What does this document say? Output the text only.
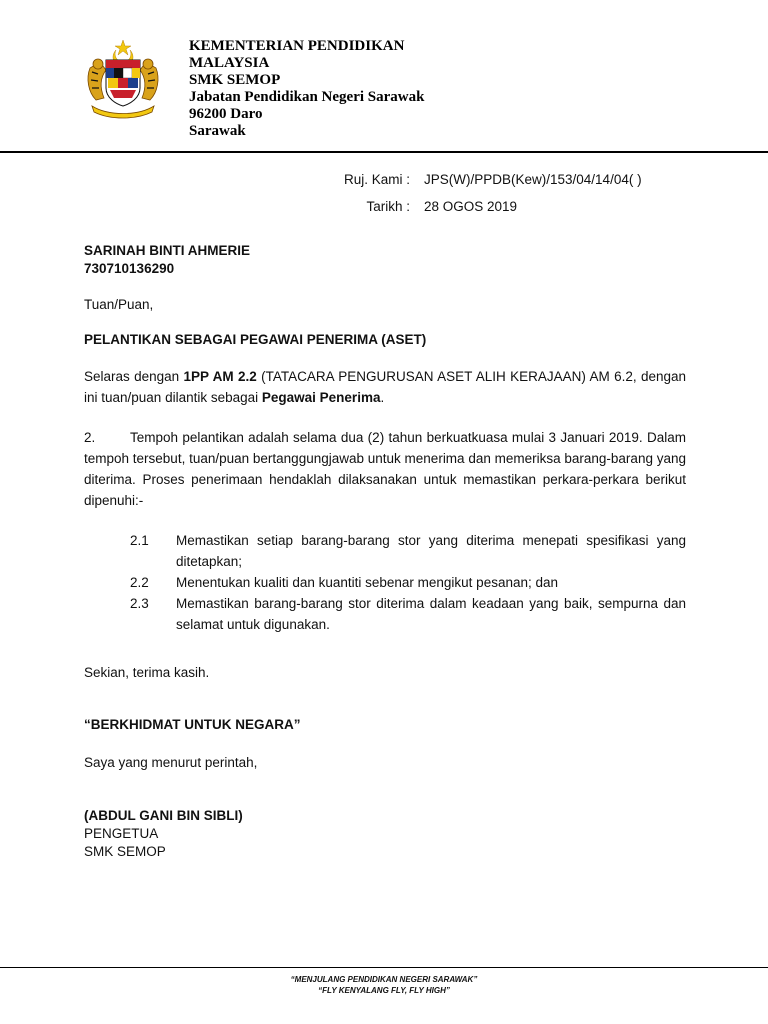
KEMENTERIAN PENDIDIKAN
MALAYSIA
SMK SEMOP
Jabatan Pendidikan Negeri Sarawak
96200 Daro
Sarawak
Ruj. Kami : JPS(W)/PPDB(Kew)/153/04/14/04( )
Tarikh : 28 OGOS 2019
SARINAH BINTI AHMERIE
730710136290
Tuan/Puan,
PELANTIKAN SEBAGAI PEGAWAI PENERIMA (ASET)
Selaras dengan 1PP AM 2.2 (TATACARA PENGURUSAN ASET ALIH KERAJAAN) AM 6.2, dengan ini tuan/puan dilantik sebagai Pegawai Penerima.
2.	Tempoh pelantikan adalah selama dua (2) tahun berkuatkuasa mulai 3 Januari 2019. Dalam tempoh tersebut, tuan/puan bertanggungjawab untuk menerima dan memeriksa barang-barang yang diterima. Proses penerimaan hendaklah dilaksanakan untuk memastikan perkara-perkara berikut dipenuhi:-
2.1 Memastikan setiap barang-barang stor yang diterima menepati spesifikasi yang ditetapkan;
2.2 Menentukan kualiti dan kuantiti sebenar mengikut pesanan; dan
2.3 Memastikan barang-barang stor diterima dalam keadaan yang baik, sempurna dan selamat untuk digunakan.
Sekian, terima kasih.
“BERKHIDMAT UNTUK NEGARA”
Saya yang menurut perintah,
(ABDUL GANI BIN SIBLI)
PENGETUA
SMK SEMOP
“MENJULANG PENDIDIKAN NEGERI SARAWAK”
“FLY KENYALANG FLY, FLY HIGH”
